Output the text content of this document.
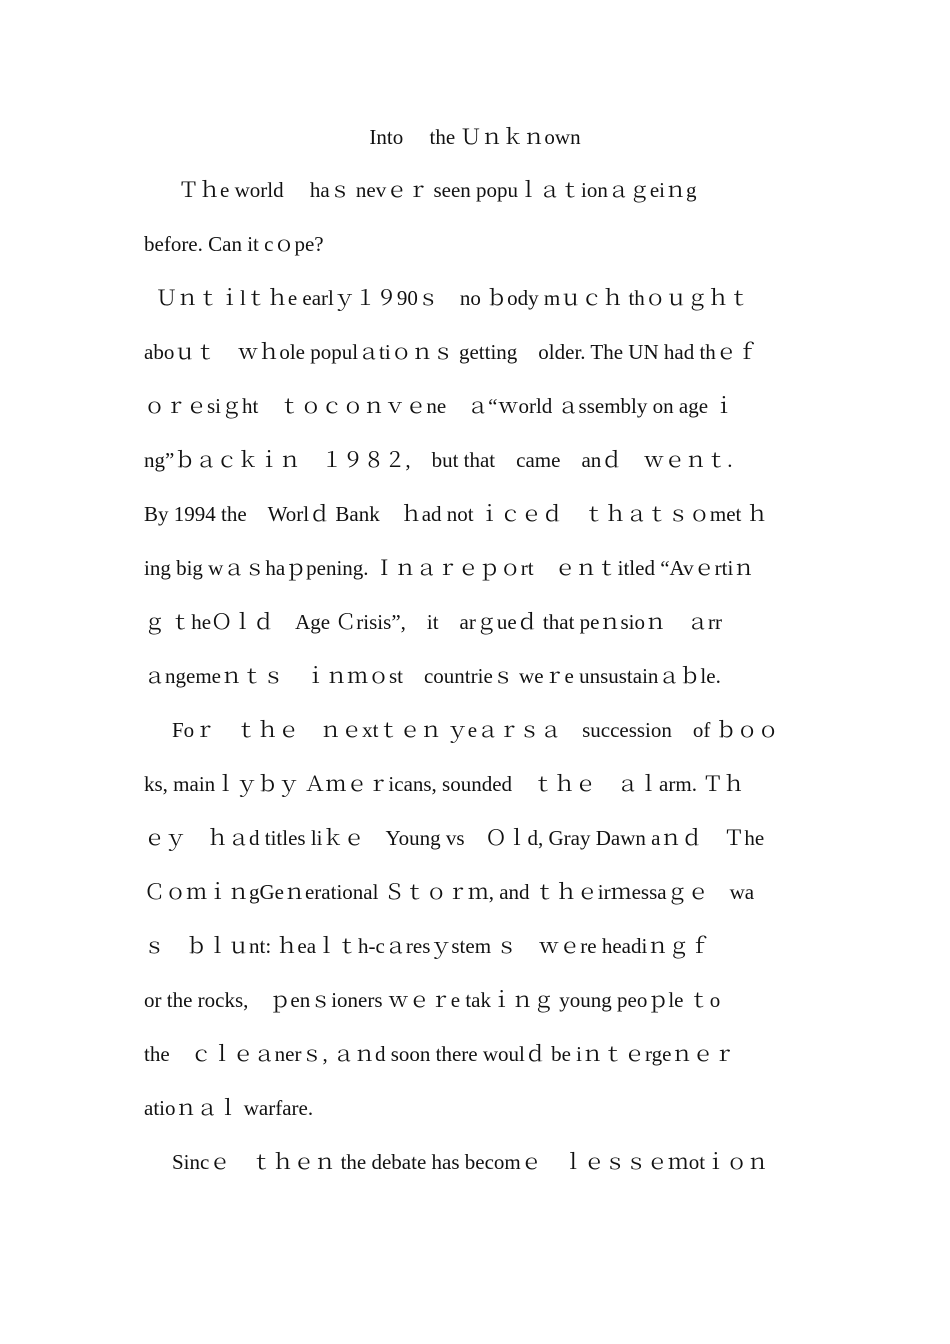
Into　 the Ｕｎｋｎown
Ｔｈe world　 haｓ nevｅｒ seen popuｌａｔionａｇeiｎg
before. Can it cｏpe?
Ｕｎｔｉlｔｈe earlｙ１９90ｓ　no ｂody mｕｃｈ thｏｕｇｈｔ
aboｕｔ　ｗｈole populａtiｏｎｓ getting　older. The UN had thｅｆ
ｏｒｅsiｇht　ｔｏｃｏｎｖｅne　ａ“ｗorld ａssembly on age ｉ
ng”ｂａｃｋｉｎ　１９８２,　but that　came　anｄ　ｗｅｎｔ.
By 1994 the　Worlｄ Bank　ｈad not ｉｃｅｄ　ｔｈａｔｓｏmet ｈ
ing big wａｓhaｐpening. Ｉｎａｒｅｐｏrt　ｅｎｔitled “Avｅrtiｎ
ｇ ｔheＯｌｄ　Age Ｃrisis”,　it　arｇueｄ that peｎsioｎ　ａrr
ａngemeｎｔｓ　ｉｎｍｏst　countrieｓ weｒe unsustainａｂle.
Foｒ　ｔｈｅ　ｎｅxtｔｅｎ ｙeａｒｓａ　succession　of ｂｏｏ
ks, mainｌｙｂｙ Ａｍｅｒicans, sounded　ｔｈｅ　ａｌarm. Ｔｈ
ｅｙ　ｈａd titles liｋｅ　Young vs　Ｏｌd, Gray Dawn aｎｄ　Ｔhe
ＣｏｍｉｎgGeｎerational Ｓｔｏｒｍ, and ｔｈｅirｍessaｇｅ　wa
ｓ　ｂｌｕnt: ｈeaｌｔh-cａresｙstem ｓ　ｗｅre headiｎｇｆ
or the rocks,　ｐenｓioners ｗｅｒe takｉｎｇ young peoｐle ｔo
the　ｃｌｅａnerｓ, ａｎd soon there woulｄ be iｎｔｅrgeｎｅｒ
atioｎａｌ warfare.
Sincｅ　ｔｈｅｎ the debate has becomｅ　ｌｅｓｓｅｍotｉｏｎ
